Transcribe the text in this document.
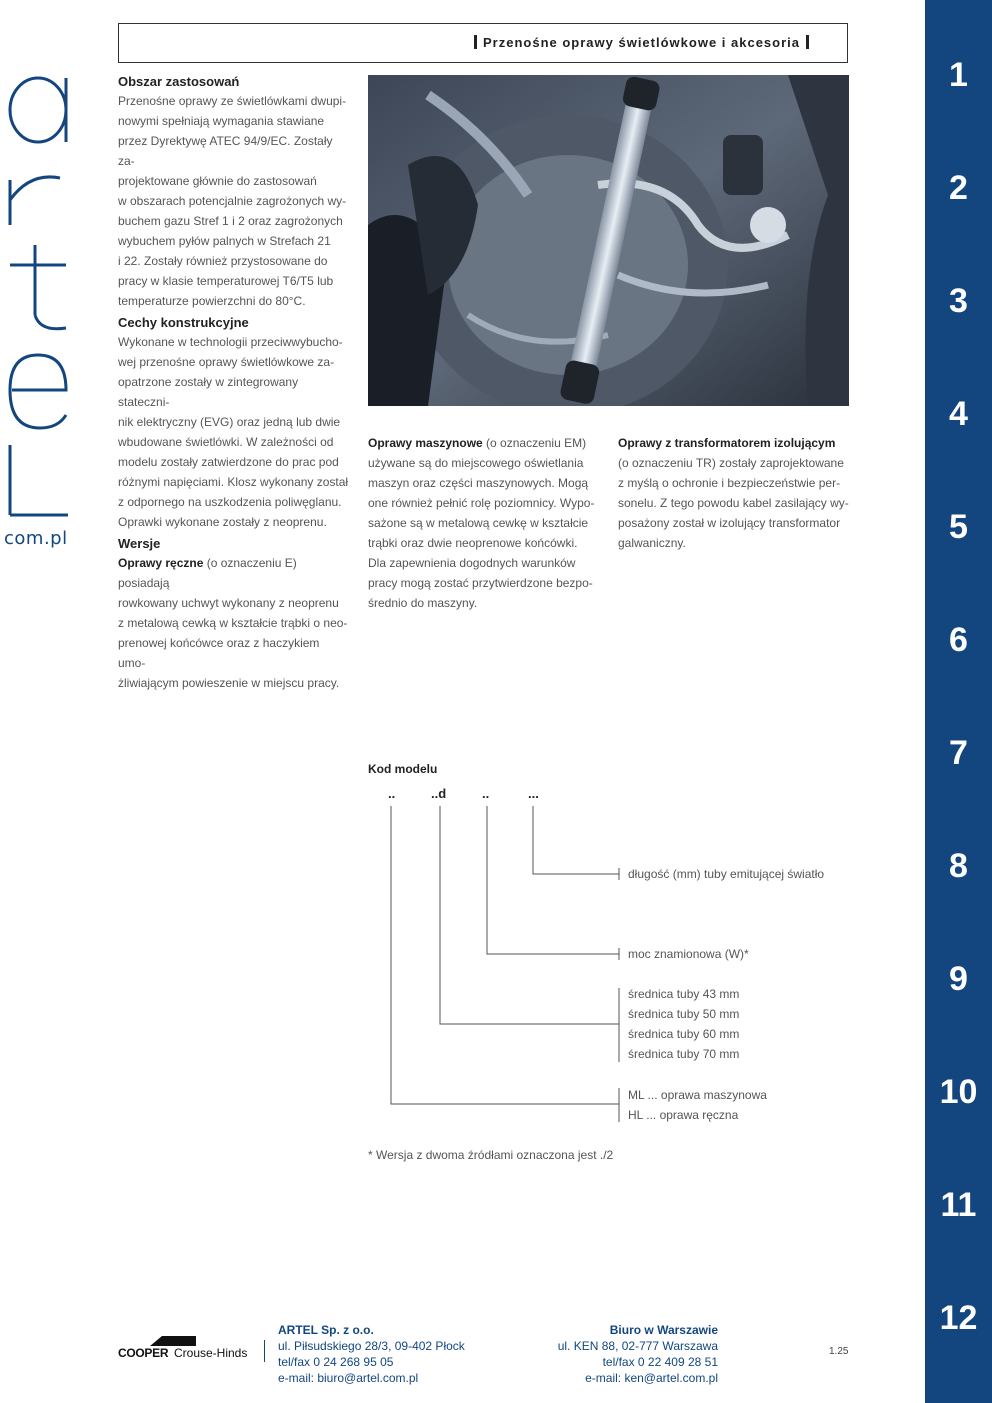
Przenośne oprawy świetlówkowe i akcesoria
com.pl
Obszar zastosowań

Przenośne oprawy ze świetlówkami dwupi-

nowymi spełniają wymagania stawiane

przez Dyrektywę ATEC 94/9/EC. Zostały za-

projektowane głównie do zastosowań

w obszarach potencjalnie zagrożonych wy-

buchem gazu Stref 1 i 2 oraz zagrożonych

wybuchem pyłów palnych w Strefach 21

i 22. Zostały również przystosowane do

pracy w klasie temperaturowej T6/T5 lub

temperaturze powierzchni do 80°C.

Cechy konstrukcyjne

Wykonane w technologii przeciwwybucho-

wej przenośne oprawy świetlówkowe za-

opatrzone zostały w zintegrowany stateczni-

nik elektryczny (EVG) oraz jedną lub dwie

wbudowane świetlówki. W zależności od

modelu zostały zatwierdzone do prac pod

różnymi napięciami. Klosz wykonany został

z odpornego na uszkodzenia poliwęglanu.

Oprawki wykonane zostały z neoprenu.

Wersje

Oprawy ręczne (o oznaczeniu E) posiadają

rowkowany uchwyt wykonany z neoprenu

z metalową cewką w kształcie trąbki o neo-

prenowej końcówce oraz z haczykiem umo-

żliwiającym powieszenie w miejscu pracy.

Oprawy maszynowe (o oznaczeniu EM)

używane są do miejscowego oświetlania

maszyn oraz części maszynowych. Mogą

one również pełnić rolę poziomnicy. Wypo-

sażone są w metalową cewkę w kształcie

trąbki oraz dwie neoprenowe końcówki.

Dla zapewnienia dogodnych warunków

pracy mogą zostać przytwierdzone bezpo-

średnio do maszyny.

Oprawy z transformatorem izolującym

(o oznaczeniu TR) zostały zaprojektowane

z myślą o ochronie i bezpieczeństwie per-

sonelu. Z tego powodu kabel zasilający wy-

posażony został w izolujący transformator

galwaniczny.

Kod modelu
..	..d	..	...
długość (mm) tuby emitującej światło
moc znamionowa (W)*

średnica tuby 43 mm

średnica tuby 50 mm

średnica tuby 60 mm

średnica tuby 70 mm

ML ... oprawa maszynowa

HL ... oprawa ręczna

* Wersja z dwoma źródłami oznaczona jest ./2
COOPER Crouse-Hinds
ARTEL Sp. z o.o.
ul. Piłsudskiego 28/3, 09-402 Płock
tel/fax 0 24 268 95 05
e-mail: biuro@artel.com.pl
Biuro w Warszawie
ul. KEN 88, 02-777 Warszawa
tel/fax 0 22 409 28 51
e-mail: ken@artel.com.pl
1.25
1
2
3
4
5
6
7
8
9
10
11
12
